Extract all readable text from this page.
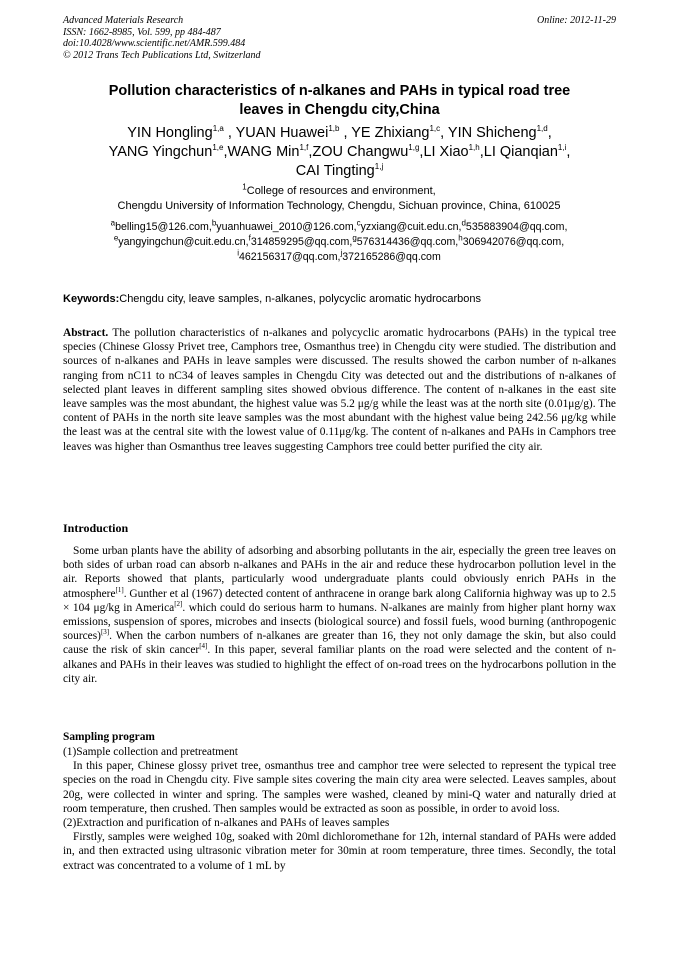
Advanced Materials Research
ISSN: 1662-8985, Vol. 599, pp 484-487
doi:10.4028/www.scientific.net/AMR.599.484
© 2012 Trans Tech Publications Ltd, Switzerland
Online: 2012-11-29
Pollution characteristics of n-alkanes and PAHs in typical road tree
leaves in Chengdu city,China
YIN Hongling$^{1,a}$ , YUAN Huawei$^{1,b}$ , YE Zhixiang$^{1,c}$, YIN Shicheng$^{1,d}$,
YANG Yingchun$^{1,e}$,WANG Min$^{1,f}$,ZOU Changwu$^{1,g}$,LI Xiao$^{1,h}$,LI Qianqian$^{1,i}$,
CAI Tingting$^{1,j}$
$^1$College of resources and environment,
Chengdu University of Information Technology, Chengdu, Sichuan province, China, 610025
$^a$belling15@126.com,$^b$yuanhuawei_2010@126.com,$^c$yzxiang@cuit.edu.cn,$^d$535883904@qq.com,
$^e$yangyingchun@cuit.edu.cn,$^f$314859295@qq.com,$^g$576314436@qq.com,$^h$306942076@qq.com,
$^i$462156317@qq.com,$^j$372165286@qq.com
Keywords:Chengdu city, leave samples, n-alkanes, polycyclic aromatic hydrocarbons
Abstract. The pollution characteristics of n-alkanes and polycyclic aromatic hydrocarbons (PAHs) in the typical tree species (Chinese Glossy Privet tree, Camphors tree, Osmanthus tree) in Chengdu city were studied. The distribution and sources of n-alkanes and PAHs in leave samples were discussed. The results showed the carbon number of n-alkanes ranging from nC11 to nC34 of leaves samples in Chengdu City was detected out and the distributions of n-alkanes of selected plant leaves in different sampling sites showed obvious difference. The content of n-alkanes in the east site leave samples was the most abundant, the highest value was 5.2 μg/g while the least was at the north site (0.01μg/g). The content of PAHs in the north site leave samples was the most abundant with the highest value being 242.56 μg/kg while the least was at the central site with the lowest value of 0.11μg/kg. The content of n-alkanes and PAHs in Camphors tree leaves was higher than Osmanthus tree leaves suggesting Camphors tree could better purified the city air.
Introduction
Some urban plants have the ability of adsorbing and absorbing pollutants in the air, especially the green tree leaves on both sides of urban road can absorb n-alkanes and PAHs in the air and reduce these hydrocarbon pollution level in the air. Reports showed that plants, particularly wood undergraduate plants could obviously enrich PAHs in the atmosphere[1]. Gunther et al (1967) detected content of anthracene in orange bark along California highway was up to 2.5 × 104 μg/kg in America[2]. which could do serious harm to humans. N-alkanes are mainly from higher plant horny wax emissions, suspension of spores, microbes and insects (biological source) and fossil fuels, wood burning (anthropogenic sources)[3]. When the carbon numbers of n-alkanes are greater than 16, they not only damage the skin, but also could cause the risk of skin cancer[4]. In this paper, several familiar plants on the road were selected and the content of n-alkanes and PAHs in their leaves was studied to highlight the effect of on-road trees on the hydrocarbons pollution in the city air.
Sampling program
(1)Sample collection and pretreatment
In this paper, Chinese glossy privet tree, osmanthus tree and camphor tree were selected to represent the typical tree species on the road in Chengdu city. Five sample sites covering the main city area were selected. Leaves samples, about 20g, were collected in winter and spring. The samples were washed, cleaned by mini-Q water and naturally dried at room temperature, then crushed. Then samples would be extracted as soon as possible, in order to avoid loss.
(2)Extraction and purification of n-alkanes and PAHs of leaves samples
Firstly, samples were weighed 10g, soaked with 20ml dichloromethane for 12h, internal standard of PAHs were added in, and then extracted using ultrasonic vibration meter for 30min at room temperature, three times. Secondly, the total extract was concentrated to a volume of 1 mL by
